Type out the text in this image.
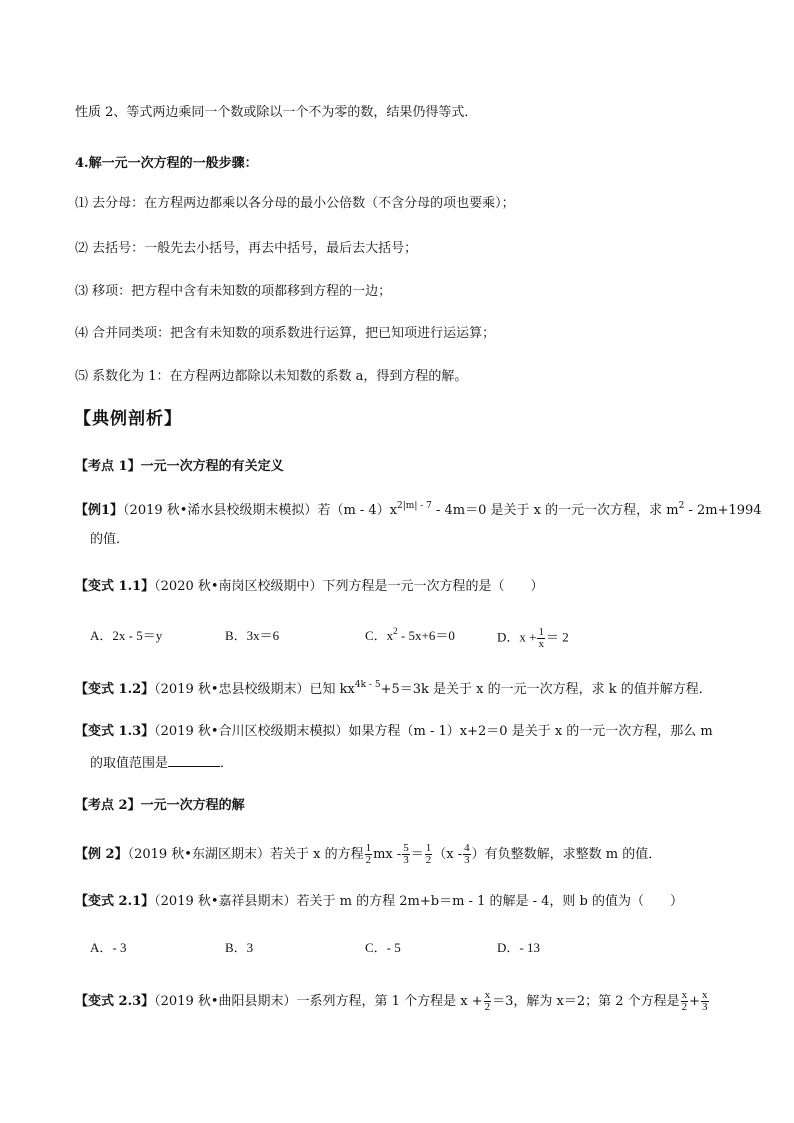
性质 2、等式两边乘同一个数或除以一个不为零的数，结果仍得等式．
4.解一元一次方程的一般步骤：
⑴ 去分母：在方程两边都乘以各分母的最小公倍数（不含分母的项也要乘）；
⑵ 去括号：一般先去小括号，再去中括号，最后去大括号；
⑶ 移项：把方程中含有未知数的项都移到方程的一边；
⑷ 合并同类项：把含有未知数的项系数进行运算，把已知项进行运运算；
⑸ 系数化为 1：在方程两边都除以未知数的系数 a，得到方程的解。
【典例剖析】
【考点 1】一元一次方程的有关定义
【例1】（2019 秋•浠水县校级期末模拟）若$(m - 4)x^{2|m| - 7} - 4m=0$ 是关于 x 的一元一次方程，求 $m^2 - 2m+1994$
的值．
【变式 1.1】（2020 秋•南岗区校级期中）下列方程是一元一次方程的是（　　）
A．2x - 5＝y	B．3x＝6	C．$x^2 - 5x+6=0$	D．$x + \frac{1}{x} = 2$
【变式 1.2】（2019 秋•忠县校级期末）已知 $kx^{4k - 5}+5=3k$ 是关于 x 的一元一次方程，求 k 的值并解方程．
【变式 1.3】（2019 秋•合川区校级期末模拟）如果方程（m - 1）x+2＝0 是关于 x 的一元一次方程，那么 m
的取值范围是	．
【考点 2】一元一次方程的解
【例 2】（2019 秋•东湖区期末）若关于 x 的方程 $\frac{1}{2}$ mx - $\frac{5}{3} = \frac{1}{2} (x - \frac{4}{3}$ ）有负整数解，求整数 m 的值．
【变式 2.1】（2019 秋•嘉祥县期末）若关于 m 的方程 2m+b＝m - 1 的解是 - 4，则 b 的值为（　　）
A．- 3	B．3	C．- 5	D．- 13
【变式 2.3】（2019 秋•曲阳县期末）一系列方程，第 1 个方程是 $x + \frac{x}{2} =3$，解为 x＝2；第 2 个方程是 $\frac{x}{2} + \frac{x}{3}$
